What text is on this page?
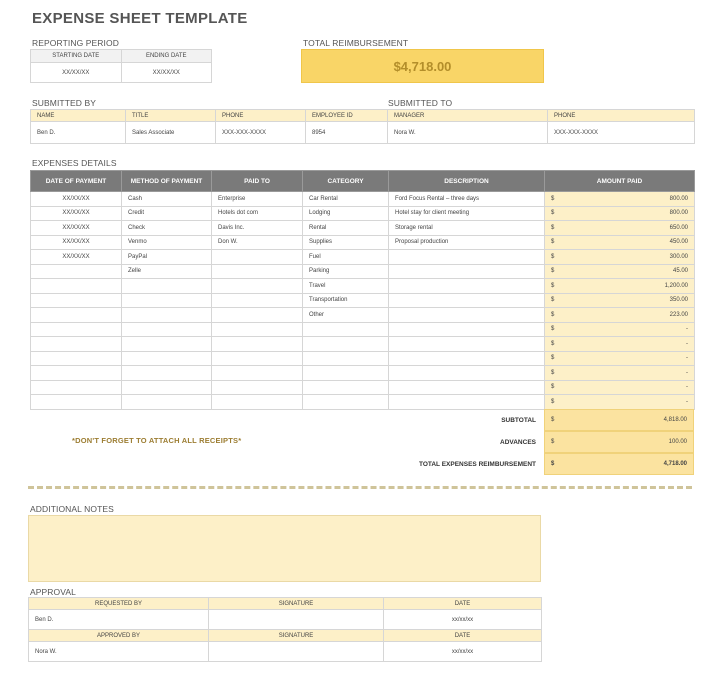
EXPENSE SHEET TEMPLATE
REPORTING PERIOD
STARTING DATE	ENDING DATE
XX/XX/XX	XX/XX/XX
TOTAL REIMBURSEMENT
$4,718.00
SUBMITTED BY	SUBMITTED TO
NAME	TITLE	PHONE	EMPLOYEE ID	MANAGER	PHONE
Ben D.	Sales Associate	XXX-XXX-XXXX	8954	Nora W.	XXX-XXX-XXXX
EXPENSES DETAILS
DATE OF PAYMENT	METHOD OF PAYMENT	PAID TO	CATEGORY	DESCRIPTION	AMOUNT PAID
XX/XX/XX	Cash	Enterprise	Car Rental	Ford Focus Rental – three days	$ 800.00

XX/XX/XX	Credit	Hotels dot com	Lodging	Hotel stay for client meeting	$ 800.00

XX/XX/XX	Check	Davis Inc.	Rental	Storage rental	$ 650.00

XX/XX/XX	Venmo	Don W.	Supplies	Proposal production	$ 450.00

XX/XX/XX	PayPal		Fuel		$ 300.00

	Zelle		Parking		$ 45.00

			Travel		$ 1,200.00

			Transportation		$ 350.00

			Other		$ 223.00

					$ -

					$ -

					$ -

					$ -

					$ -

					$ -
SUBTOTAL	$	4,818.00
ADVANCES	$	100.00
TOTAL EXPENSES REIMBURSEMENT	$	4,718.00
*DON'T FORGET TO ATTACH ALL RECEIPTS*
ADDITIONAL NOTES
APPROVAL
REQUESTED BY	SIGNATURE	DATE
Ben D.		xx/xx/xx
APPROVED BY	SIGNATURE	DATE
Nora W.		xx/xx/xx
